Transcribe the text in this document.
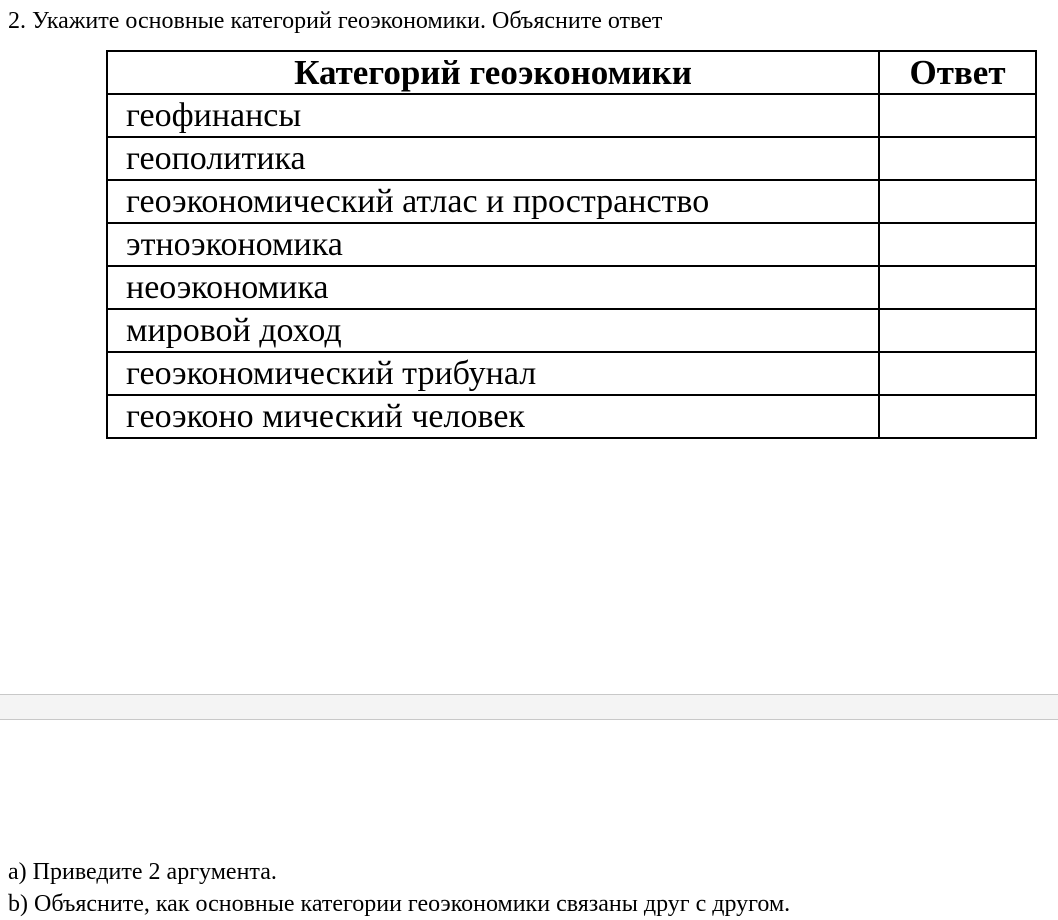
2. Укажите основные категорий геоэкономики. Объясните ответ
Категорий геоэкономики	Ответ
геофинансы	
геополитика	
геоэкономический атлас и пространство	
этноэкономика	
неоэкономика	
мировой доход	
геоэкономический трибунал	
геоэконо мический человек	
a) Приведите 2 аргумента.
b) Объясните, как основные категории геоэкономики связаны друг с другом.
